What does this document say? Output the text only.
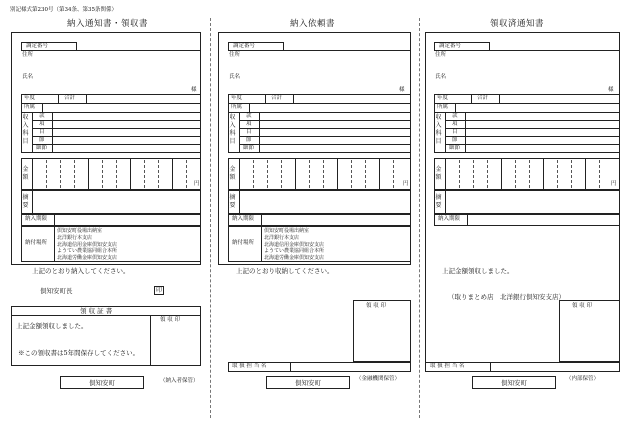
別記様式第230号（第34条、第35条関係）
納入通知書・領収書
調定番号
住所
氏名
様
年度	合計
所属
収入科目
款
項
目
節
細節
金額
円
摘要
納入期限
納付場所
倶知安町役場出納室
北洋銀行本支店
北海道信用金庫倶知安支店
ようてい農業協同組合本所
北海道労働金庫倶知安支店
上記のとおり納入してください。
倶知安町長	印
領 収 証 書
領 収 印
上記金額領収しました。
※この領収書は5年間保存してください。
倶知安町	（納入者保管）
納入依頼書
調定番号
住所
氏名
様
年度	合計
所属
収入科目
款
項
目
節
細節
金額
円
摘要
納入期限
納付場所
倶知安町役場出納室
北洋銀行本支店
北海道信用金庫倶知安支店
ようてい農業協同組合本所
北海道労働金庫倶知安支店
上記のとおり収納してください。
領 収 印
取 扱 担 当 名
倶知安町	（金融機関保管）
領収済通知書
調定番号
住所
氏名
様
年度	合計
所属
収入科目
款
項
目
節
細節
金額
円
摘要
納入期限
上記金額領収しました。
（取りまとめ店　北洋銀行倶知安支店）
領 収 印
取 扱 担 当 名
倶知安町	（内部保管）
